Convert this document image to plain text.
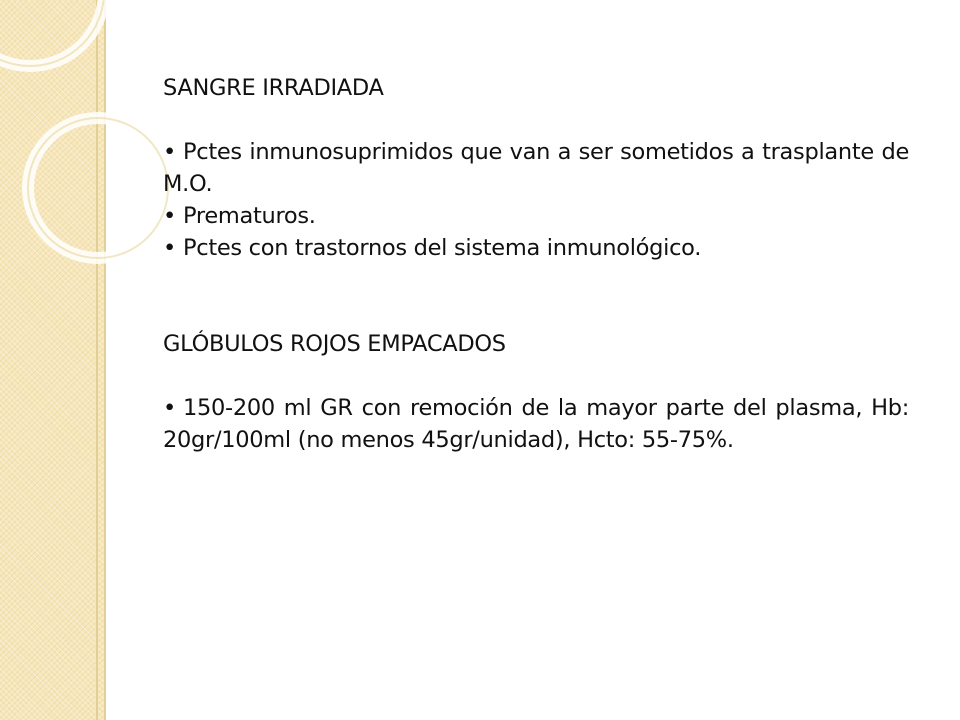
SANGRE IRRADIADA

• Pctes inmunosuprimidos que van a ser sometidos a trasplante de M.O.

• Prematuros.

• Pctes con trastornos del sistema inmunológico.

GLÓBULOS ROJOS EMPACADOS

• 150-200 ml GR con remoción de la mayor parte del plasma, Hb: 20gr/100ml (no menos 45gr/unidad), Hcto: 55-75%.
